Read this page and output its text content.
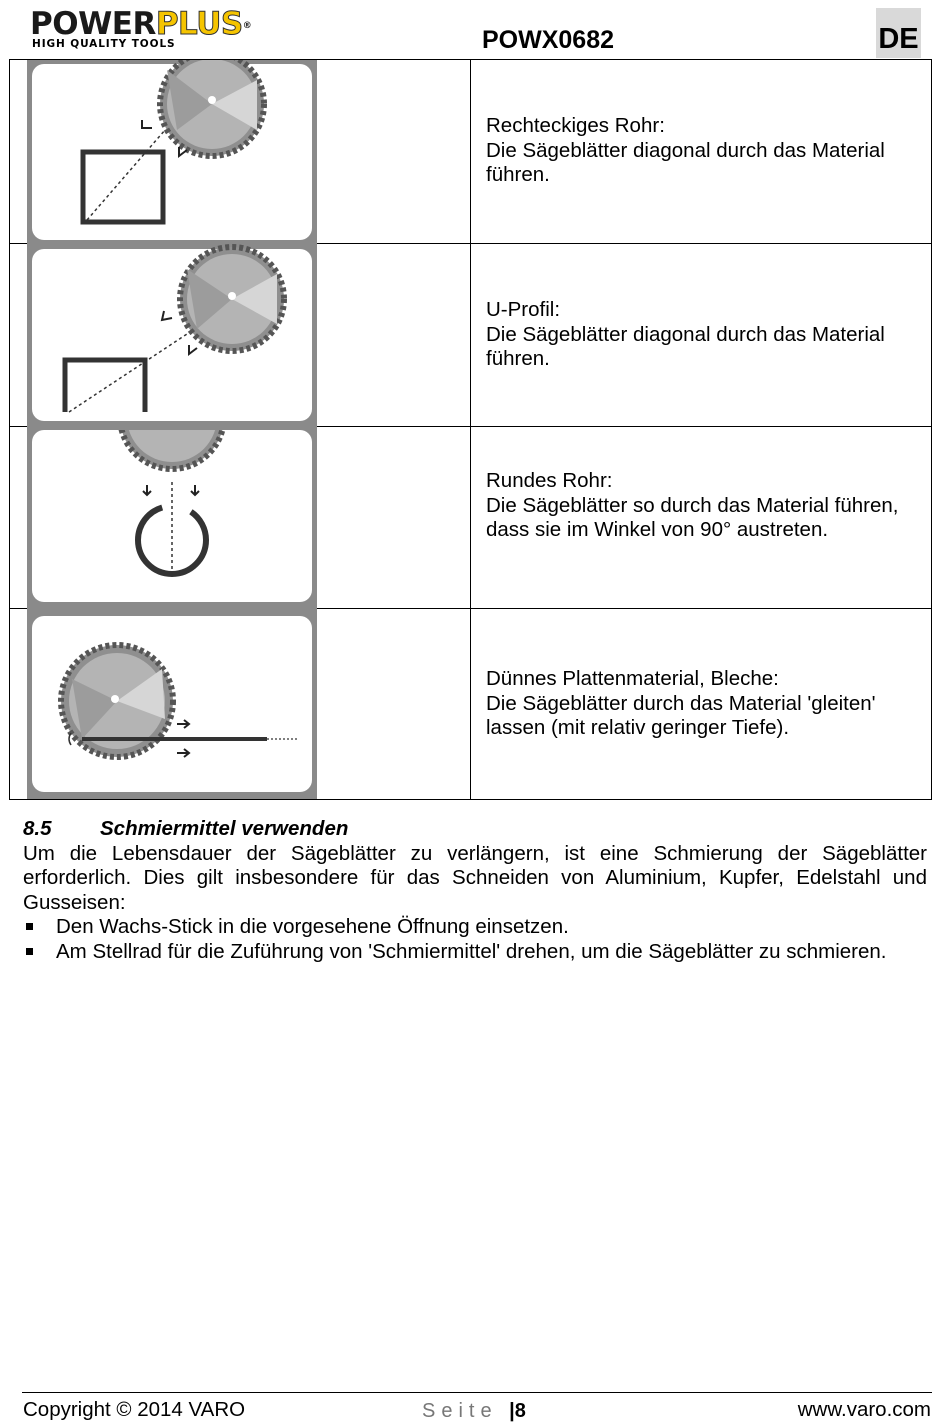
POWERPLUS®
HIGH QUALITY TOOLS	POWX0682	DE
Rechteckiges Rohr:
Die Sägeblätter diagonal durch das Material führen.
U-Profil:
Die Sägeblätter diagonal durch das Material führen.
Rundes Rohr:
Die Sägeblätter so durch das Material führen, dass sie im Winkel von 90° austreten.
Dünnes Plattenmaterial, Bleche:
Die Sägeblätter durch das Material 'gleiten' lassen (mit relativ geringer Tiefe).
8.5 Schmiermittel verwenden
Um die Lebensdauer der Sägeblätter zu verlängern, ist eine Schmierung der Sägeblätter erforderlich. Dies gilt insbesondere für das Schneiden von Aluminium, Kupfer, Edelstahl und Gusseisen:
Den Wachs-Stick in die vorgesehene Öffnung einsetzen.
Am Stellrad für die Zuführung von 'Schmiermittel' drehen, um die Sägeblätter zu schmieren.
Copyright © 2014 VARO	Seite |8	www.varo.com
